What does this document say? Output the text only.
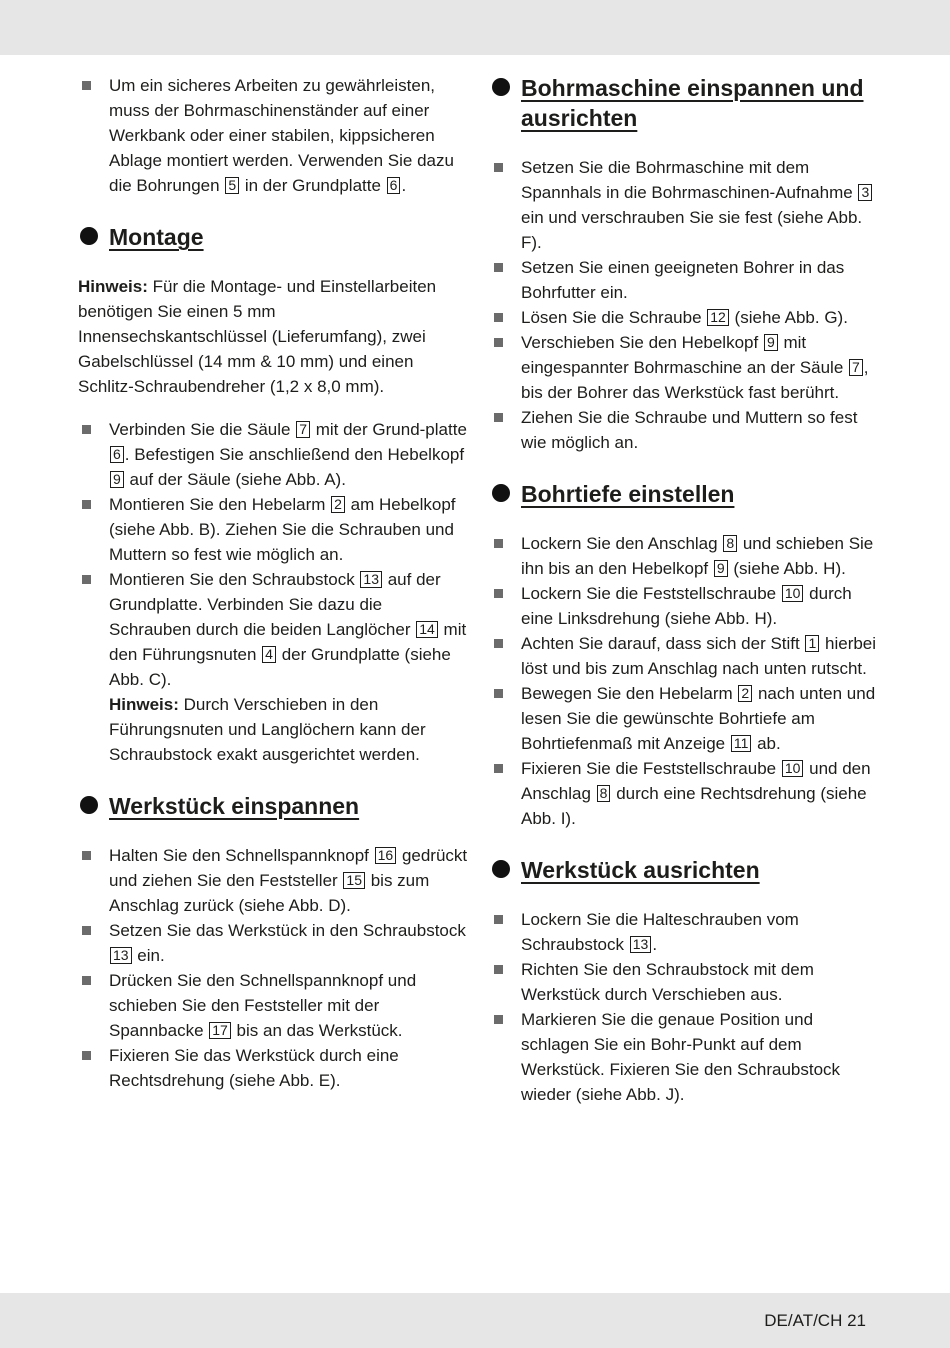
Um ein sicheres Arbeiten zu gewährleisten, muss der Bohrmaschinenständer auf einer Werkbank oder einer stabilen, kippsicheren Ablage montiert werden. Verwenden Sie dazu die Bohrungen 5 in der Grundplatte 6 .

Montage

Hinweis: Für die Montage- und Einstellarbeiten benötigen Sie einen 5 mm Innensechskantschlüssel (Lieferumfang), zwei Gabelschlüssel (14 mm & 10 mm) und einen Schlitz-Schraubendreher (1,2 x 8,0 mm).

Verbinden Sie die Säule 7 mit der Grund-platte 6 . Befestigen Sie anschließend den Hebelkopf 9 auf der Säule (siehe Abb. A).

Montieren Sie den Hebelarm 2 am Hebelkopf (siehe Abb. B). Ziehen Sie die Schrauben und Muttern so fest wie möglich an.

Montieren Sie den Schraubstock 13 auf der Grundplatte. Verbinden Sie dazu die Schrauben durch die beiden Langlöcher 14 mit den Führungsnuten 4 der Grundplatte (siehe Abb. C).
Hinweis: Durch Verschieben in den Führungsnuten und Langlöchern kann der Schraubstock exakt ausgerichtet werden.

Werkstück einspannen

Halten Sie den Schnellspannknopf 16 gedrückt und ziehen Sie den Feststeller 15 bis zum Anschlag zurück (siehe Abb. D).

Setzen Sie das Werkstück in den Schraubstock 13 ein.

Drücken Sie den Schnellspannknopf und schieben Sie den Feststeller mit der Spannbacke 17 bis an das Werkstück.

Fixieren Sie das Werkstück durch eine Rechtsdrehung (siehe Abb. E).

Bohrmaschine einspannen und ausrichten

Setzen Sie die Bohrmaschine mit dem Spannhals in die Bohrmaschinen-Aufnahme 3 ein und verschrauben Sie sie fest (siehe Abb. F).

Setzen Sie einen geeigneten Bohrer in das Bohrfutter ein.

Lösen Sie die Schraube 12 (siehe Abb. G).

Verschieben Sie den Hebelkopf 9 mit eingespannter Bohrmaschine an der Säule 7 , bis der Bohrer das Werkstück fast berührt.

Ziehen Sie die Schraube und Muttern so fest wie möglich an.

Bohrtiefe einstellen

Lockern Sie den Anschlag 8 und schieben Sie ihn bis an den Hebelkopf 9 (siehe Abb. H).

Lockern Sie die Feststellschraube 10 durch eine Linksdrehung (siehe Abb. H).

Achten Sie darauf, dass sich der Stift 1 hierbei löst und bis zum Anschlag nach unten rutscht.

Bewegen Sie den Hebelarm 2 nach unten und lesen Sie die gewünschte Bohrtiefe am Bohrtiefenmaß mit Anzeige 11 ab.

Fixieren Sie die Feststellschraube 10 und den Anschlag 8 durch eine Rechtsdrehung (siehe Abb. I).

Werkstück ausrichten

Lockern Sie die Halteschrauben vom Schraubstock 13 .

Richten Sie den Schraubstock mit dem Werkstück durch Verschieben aus.

Markieren Sie die genaue Position und schlagen Sie ein Bohr-Punkt auf dem Werkstück. Fixieren Sie den Schraubstock wieder (siehe Abb. J).

DE/AT/CH 21
